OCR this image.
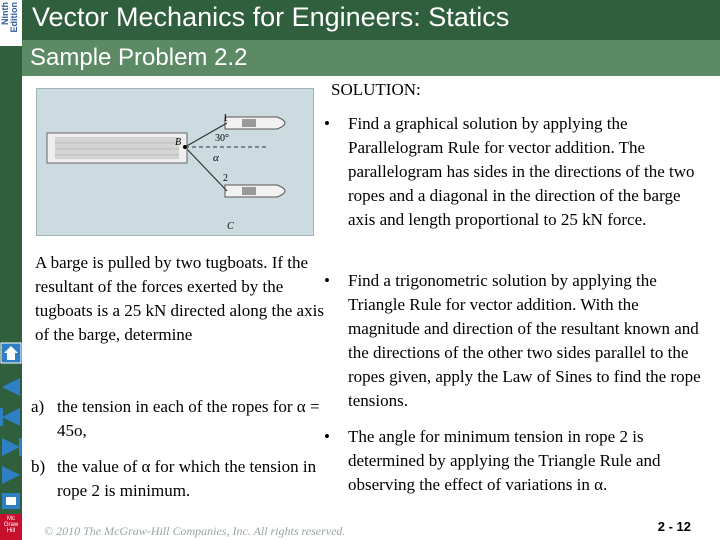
Ninth Edition Vector Mechanics for Engineers: Statics
Sample Problem 2.2
B
1
2
30°
α
C
A barge is pulled by two tugboats. If the resultant of the forces exerted by the tugboats is a 25 kN directed along the axis of the barge, determine
a) the tension in each of the ropes for α = 45o,
b) the value of α for which the tension in rope 2 is minimum.
SOLUTION:
• Find a graphical solution by applying the Parallelogram Rule for vector addition. The parallelogram has sides in the directions of the two ropes and a diagonal in the direction of the barge axis and length proportional to 25 kN force.
• Find a trigonometric solution by applying the Triangle Rule for vector addition. With the magnitude and direction of the resultant known and the directions of the other two sides parallel to the ropes given, apply the Law of Sines to find the rope tensions.
• The angle for minimum tension in rope 2 is determined by applying the Triangle Rule and observing the effect of variations in α.
© 2010 The McGraw-Hill Companies, Inc. All rights reserved.	2 - 12
Mc Graw Hill
